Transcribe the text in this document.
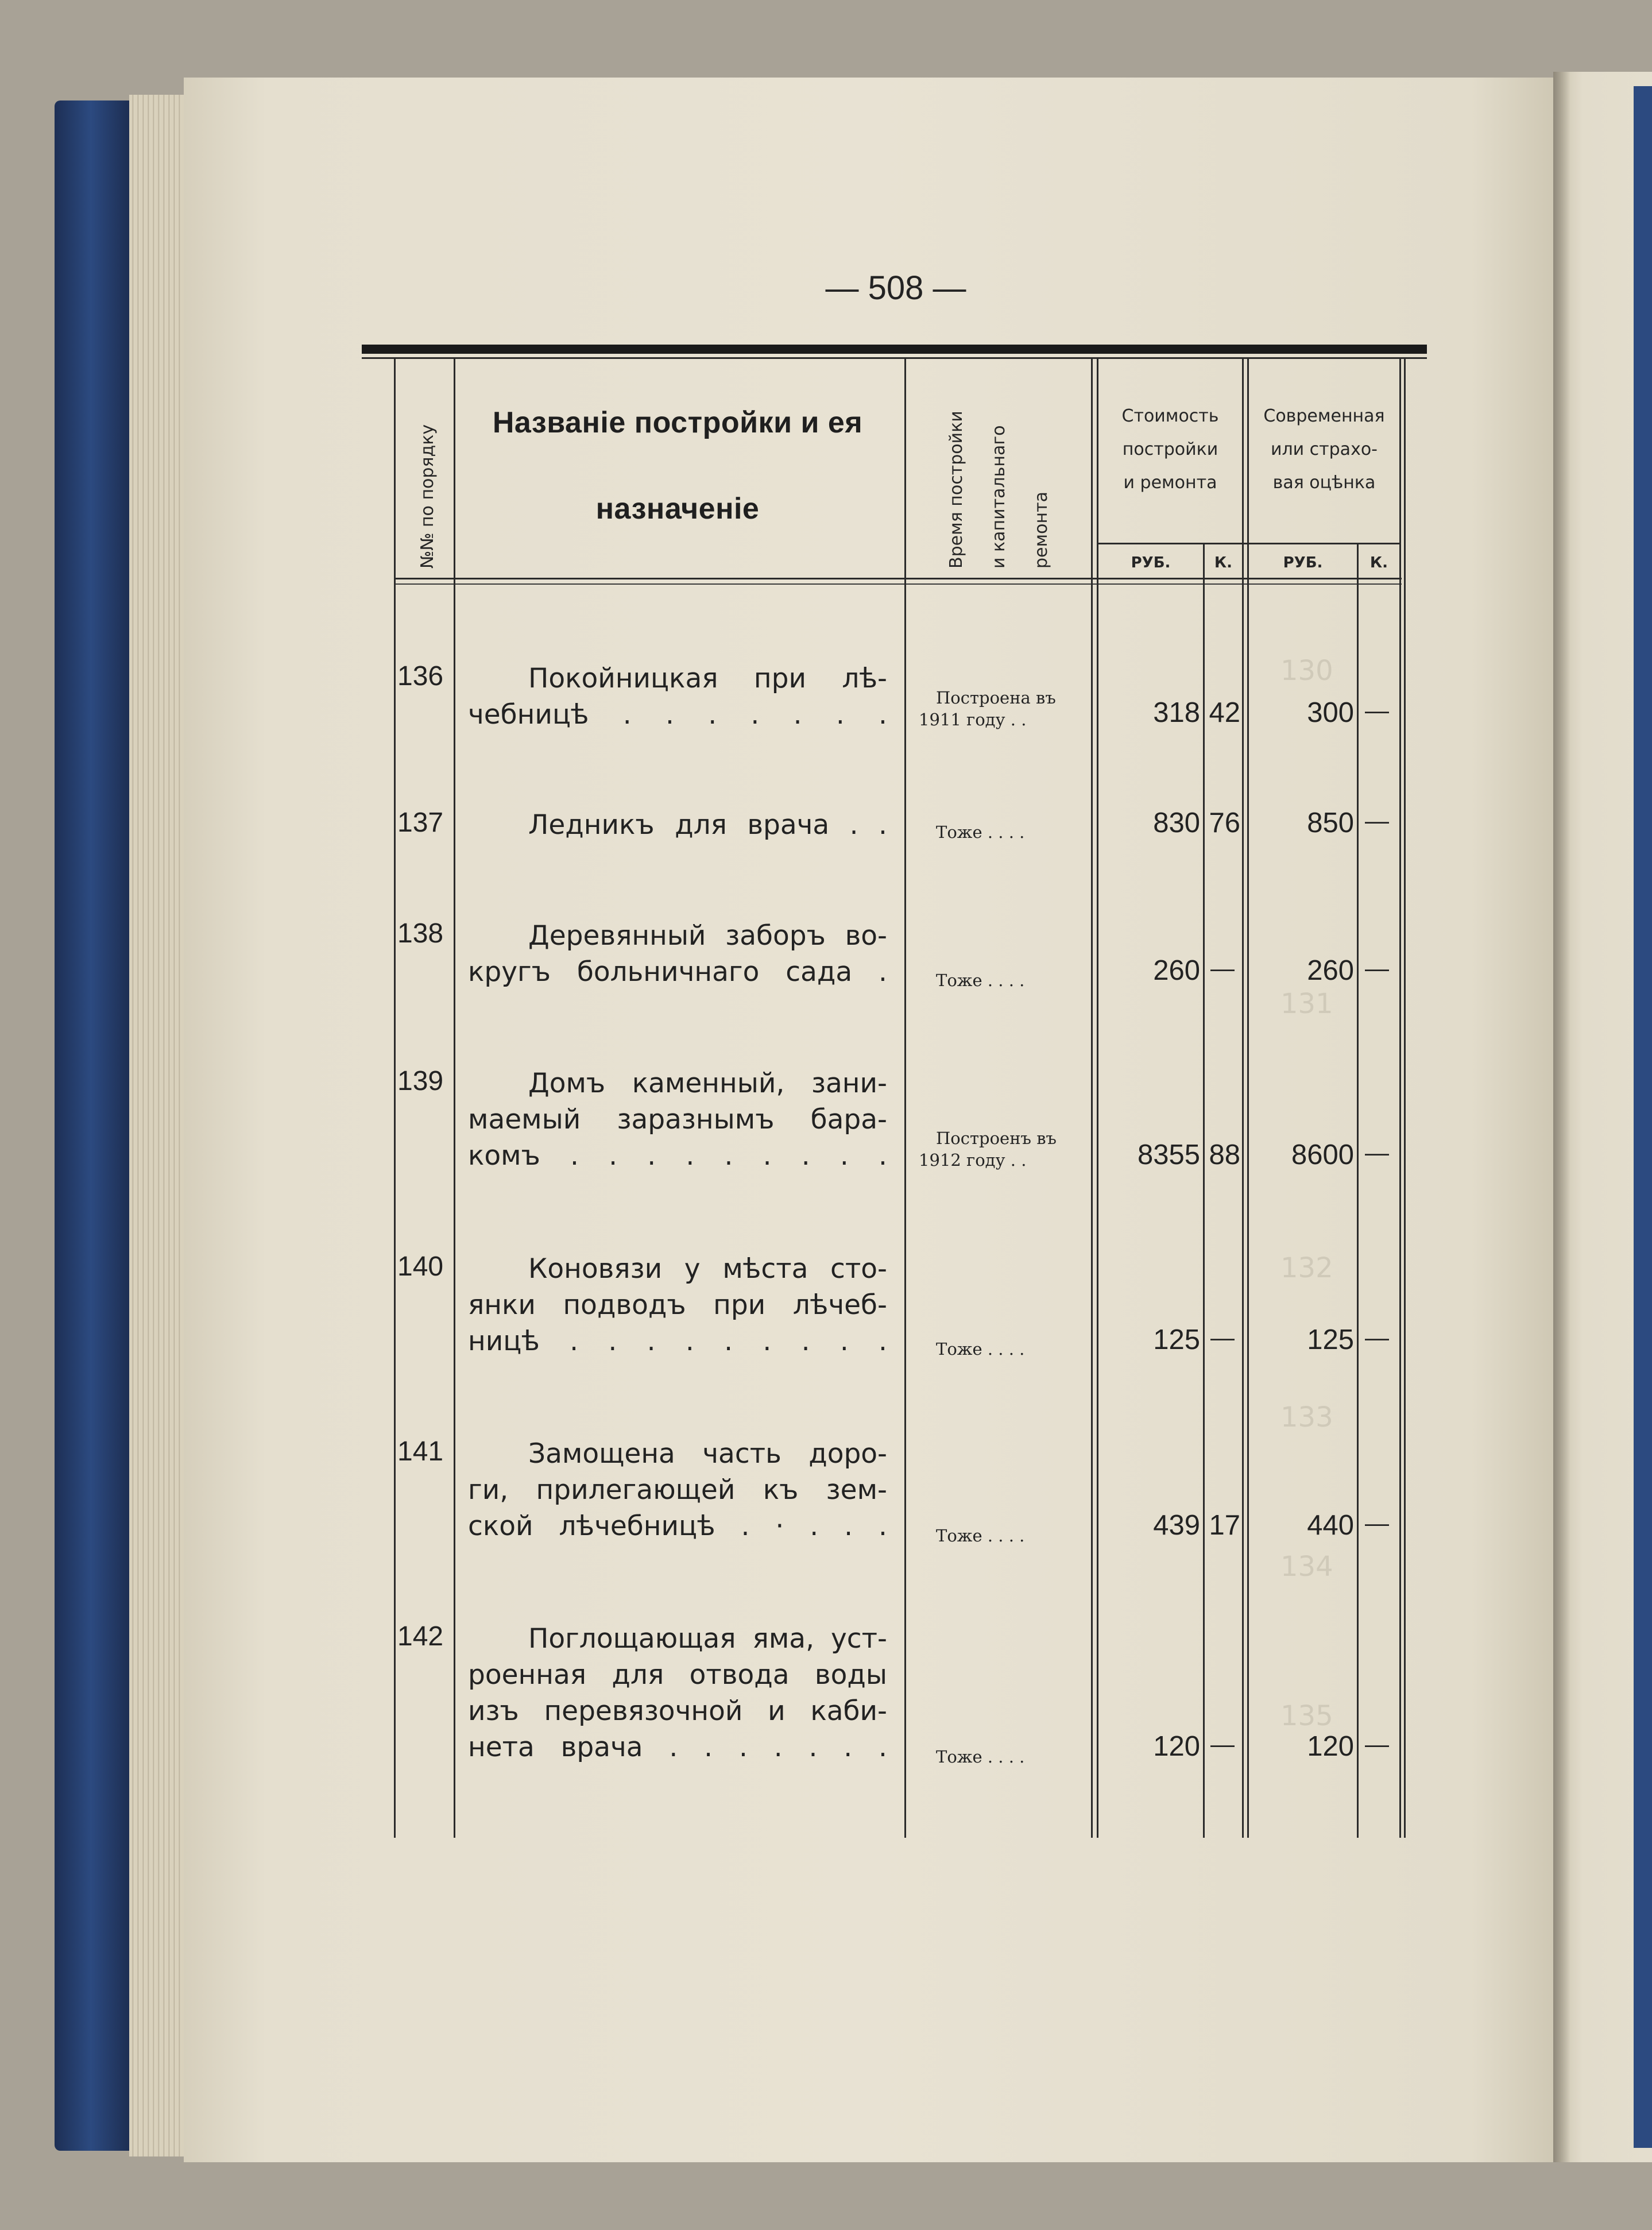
130
131
132
133
134
135
— 508 —
№№ по порядку
Названіе постройки и ея
назначеніе	Время постройки и капитальнаго ремонта
Стоимость
постройки
и ремонта
Современная
или страхо-
вая оцѣнка
РУБ.	К.	РУБ.	К.
136	Покойницкая при лѣ-
чебницѣ . . . . . . .
Построена въ
1911 году . .	318 42	300 —
137	Ледникъ для врача . .	Тоже . . . .	830 76	850 —
138	Деревянный заборъ во-
кругъ больничнаго сада .	Тоже . . . .	260 —	260 —
139	Домъ каменный, зани-
маемый заразнымъ бара-
комъ . . . . . . . . .
Построенъ въ
1912 году . .	8355 88	8600 —
140	Коновязи у мѣста сто-
янки подводъ при лѣчеб-
ницѣ . . . . . . . . .	Тоже . . . .	125 —	125 —
141	Замощена часть доро-
ги, прилегающей къ зем-
ской лѣчебницѣ . · . . .	Тоже . . . .	439 17	440 —
142	Поглощающая яма, уст-
роенная для отвода воды
изъ перевязочной и каби-
нета врача . . . . . . .	Тоже . . . .	120 —	120 —
